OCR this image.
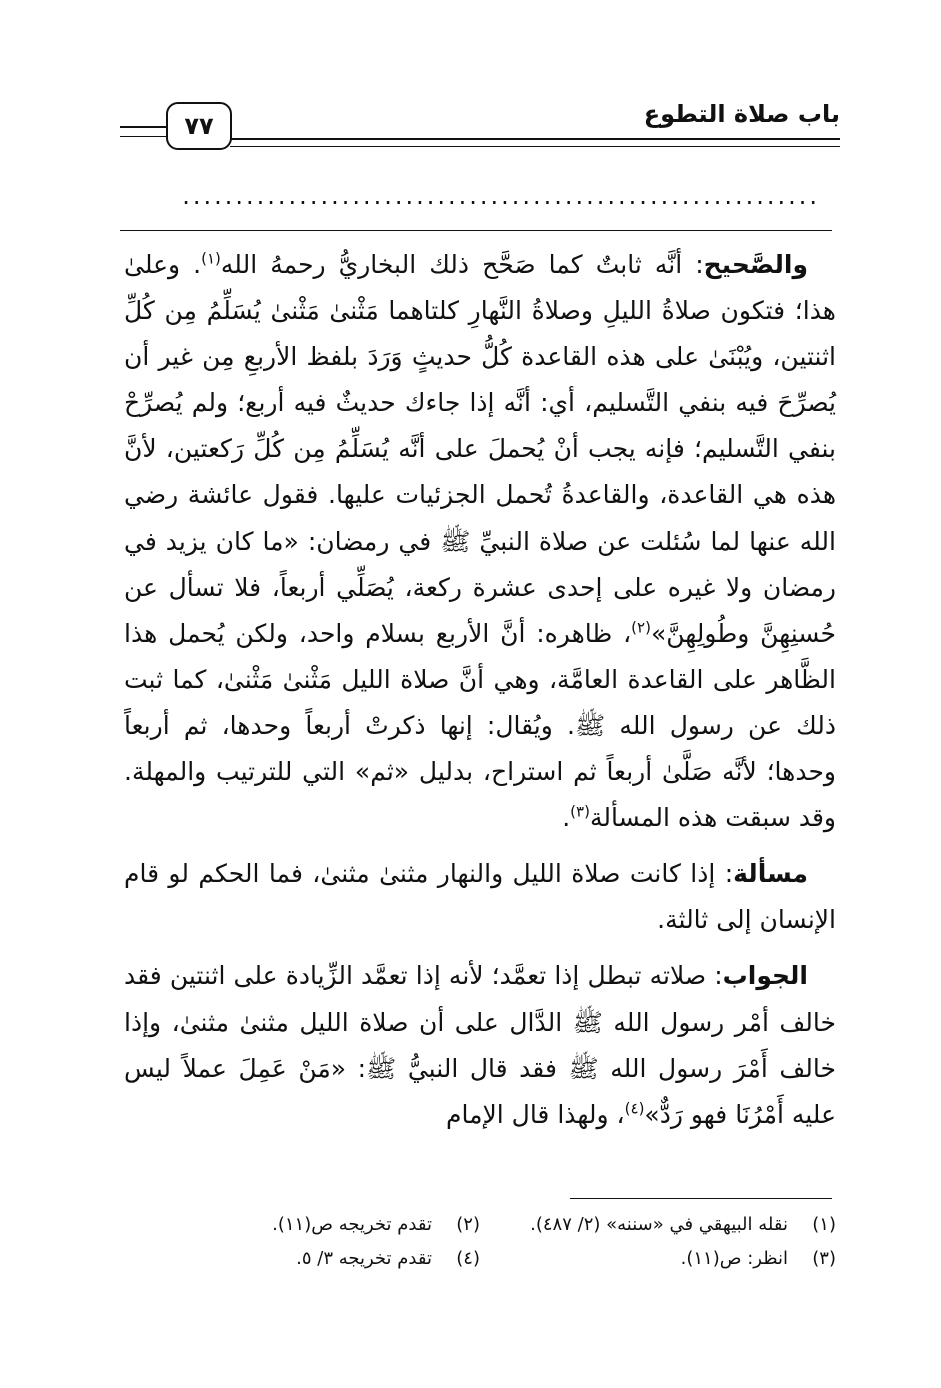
٧٧	باب صلاة التطوع
............................................................

والصَّحيح: أنَّه ثابتٌ كما صَحَّح ذلك البخاريُّ رحمهُ الله$^{(١)}$. وعلىٰ هذا؛ فتكون صلاةُ الليلِ وصلاةُ النَّهارِ كلتاهما مَثْنىٰ مَثْنىٰ يُسَلِّمُ مِن كُلِّ اثنتين، ويُبْنَىٰ على هذه القاعدة كُلُّ حديثٍ وَرَدَ بلفظ الأربعِ مِن غير أن يُصرِّحَ فيه بنفي التَّسليم، أي: أنَّه إذا جاءك حديثٌ فيه أربع؛ ولم يُصرِّحْ بنفي التَّسليم؛ فإنه يجب أنْ يُحملَ على أنَّه يُسَلِّمُ مِن كُلِّ رَكعتين، لأنَّ هذه هي القاعدة، والقاعدةُ تُحمل الجزئيات عليها. فقول عائشة رضي الله عنها لما سُئلت عن صلاة النبيِّ ﷺ في رمضان: «ما كان يزيد في رمضان ولا غيره على إحدى عشرة ركعة، يُصَلِّي أربعاً، فلا تسأل عن حُسنِهِنَّ وطُولِهِنَّ»$^{(٢)}$، ظاهره: أنَّ الأربع بسلام واحد، ولكن يُحمل هذا الظَّاهر على القاعدة العامَّة، وهي أنَّ صلاة الليل مَثْنىٰ مَثْنىٰ، كما ثبت ذلك عن رسول الله ﷺ. ويُقال: إنها ذكرتْ أربعاً وحدها، ثم أربعاً وحدها؛ لأنَّه صَلَّىٰ أربعاً ثم استراح، بدليل «ثم» التي للترتيب والمهلة. وقد سبقت هذه المسألة$^{(٣)}$.

مسألة: إذا كانت صلاة الليل والنهار مثنىٰ مثنىٰ، فما الحكم لو قام الإنسان إلى ثالثة.

الجواب: صلاته تبطل إذا تعمَّد؛ لأنه إذا تعمَّد الزِّيادة على اثنتين فقد خالف أمْر رسول الله ﷺ الدَّال على أن صلاة الليل مثنىٰ مثنىٰ، وإذا خالف أَمْرَ رسول الله ﷺ فقد قال النبيُّ ﷺ: «مَنْ عَمِلَ عملاً ليس عليه أَمْرُنَا فهو رَدٌّ»$^{(٤)}$، ولهذا قال الإمام

(١)
نقله البيهقي في «سننه» (٢/ ٤٨٧).
(٢)
تقدم تخريجه ص(١١).
(٣)
انظر: ص(١١).
(٤)
تقدم تخريجه ٣/ ٥.
